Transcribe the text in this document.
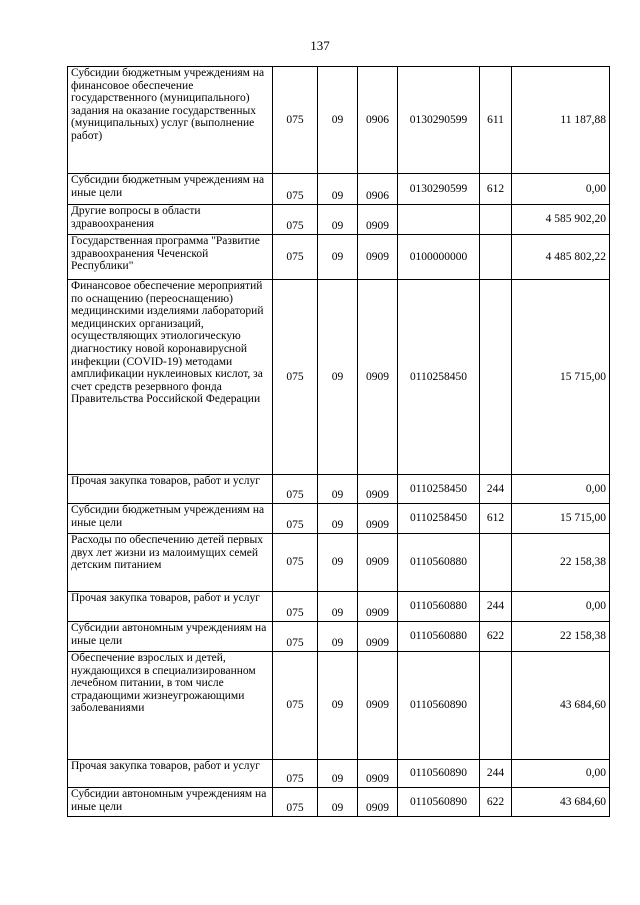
137
Субсидии бюджетным учреждениям на финансовое обеспечение государственного (муниципального) задания на оказание государственных (муниципальных) услуг (выполнение работ)	075	09	0906	0130290599	611	11 187,88
Субсидии бюджетным учреждениям на иные цели	075	09	0906	0130290599	612	0,00
Другие вопросы в области здравоохранения	075	09	0909			4 585 902,20
Государственная программа "Развитие здравоохранения Чеченской Республики"	075	09	0909	0100000000		4 485 802,22
Финансовое обеспечение мероприятий по оснащению (переоснащению) медицинскими изделиями лабораторий медицинских организаций, осуществляющих этиологическую диагностику новой коронавирусной инфекции (COVID-19) методами амплификации нуклеиновых кислот, за счет средств резервного фонда Правительства Российской Федерации	075	09	0909	0110258450		15 715,00
Прочая закупка товаров, работ и услуг	075	09	0909	0110258450	244	0,00
Субсидии бюджетным учреждениям на иные цели	075	09	0909	0110258450	612	15 715,00
Расходы по обеспечению детей первых двух лет жизни из малоимущих семей детским питанием	075	09	0909	0110560880		22 158,38
Прочая закупка товаров, работ и услуг	075	09	0909	0110560880	244	0,00
Субсидии автономным учреждениям на иные цели	075	09	0909	0110560880	622	22 158,38
Обеспечение взрослых и детей, нуждающихся в специализированном лечебном питании, в том числе страдающими жизнеугрожающими заболеваниями	075	09	0909	0110560890		43 684,60
Прочая закупка товаров, работ и услуг	075	09	0909	0110560890	244	0,00
Субсидии автономным учреждениям на иные цели	075	09	0909	0110560890	622	43 684,60
